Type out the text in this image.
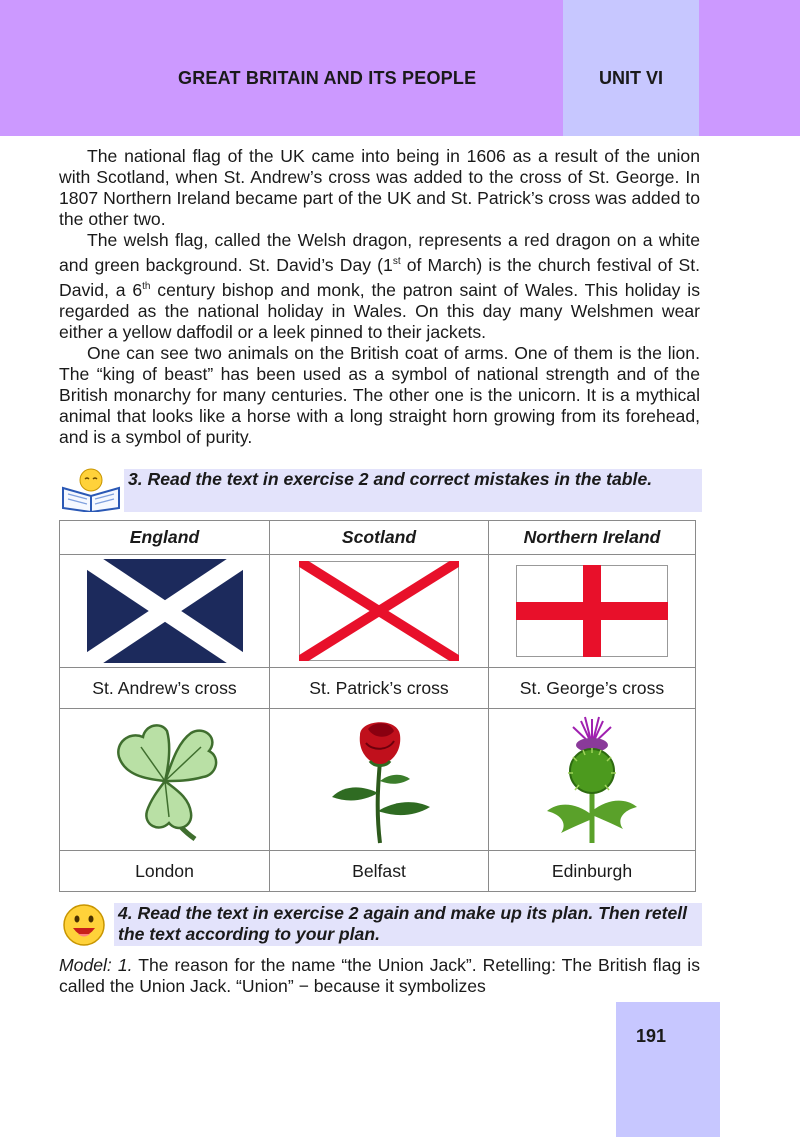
GREAT BRITAIN AND ITS PEOPLE	UNIT VI

The national flag of the UK came into being in 1606 as a result of the union with Scotland, when St. Andrew’s cross was added to the cross of St. George. In 1807 Northern Ireland became part of the UK and St. Patrick’s cross was added to the other two.

The welsh flag, called the Welsh dragon, represents a red dragon on a white and green background. St. David’s Day (1st of March) is the church festival of St. David, a 6th century bishop and monk, the patron saint of Wales. This holiday is regarded as the national holiday in Wales. On this day many Welshmen wear either a yellow daffodil or a leek pinned to their jackets.

One can see two animals on the British coat of arms. One of them is the lion. The “king of beast” has been used as a symbol of national strength and of the British monarchy for many centuries. The other one is the unicorn. It is a mythical animal that looks like a horse with a long straight horn growing from its forehead, and is a symbol of purity.

3. Read the text in exercise 2 and correct mistakes in the table.
England	Scotland	Northern Ireland

St. Andrew’s cross	St. Patrick’s cross	St. George’s cross

London	Belfast	Edinburgh
4. Read the text in exercise 2 again and make up its plan. Then retell the text according to your plan.
Model: 1. The reason for the name “the Union Jack”. Retelling: The British flag is called the Union Jack. “Union” − because it symbolizes
191
